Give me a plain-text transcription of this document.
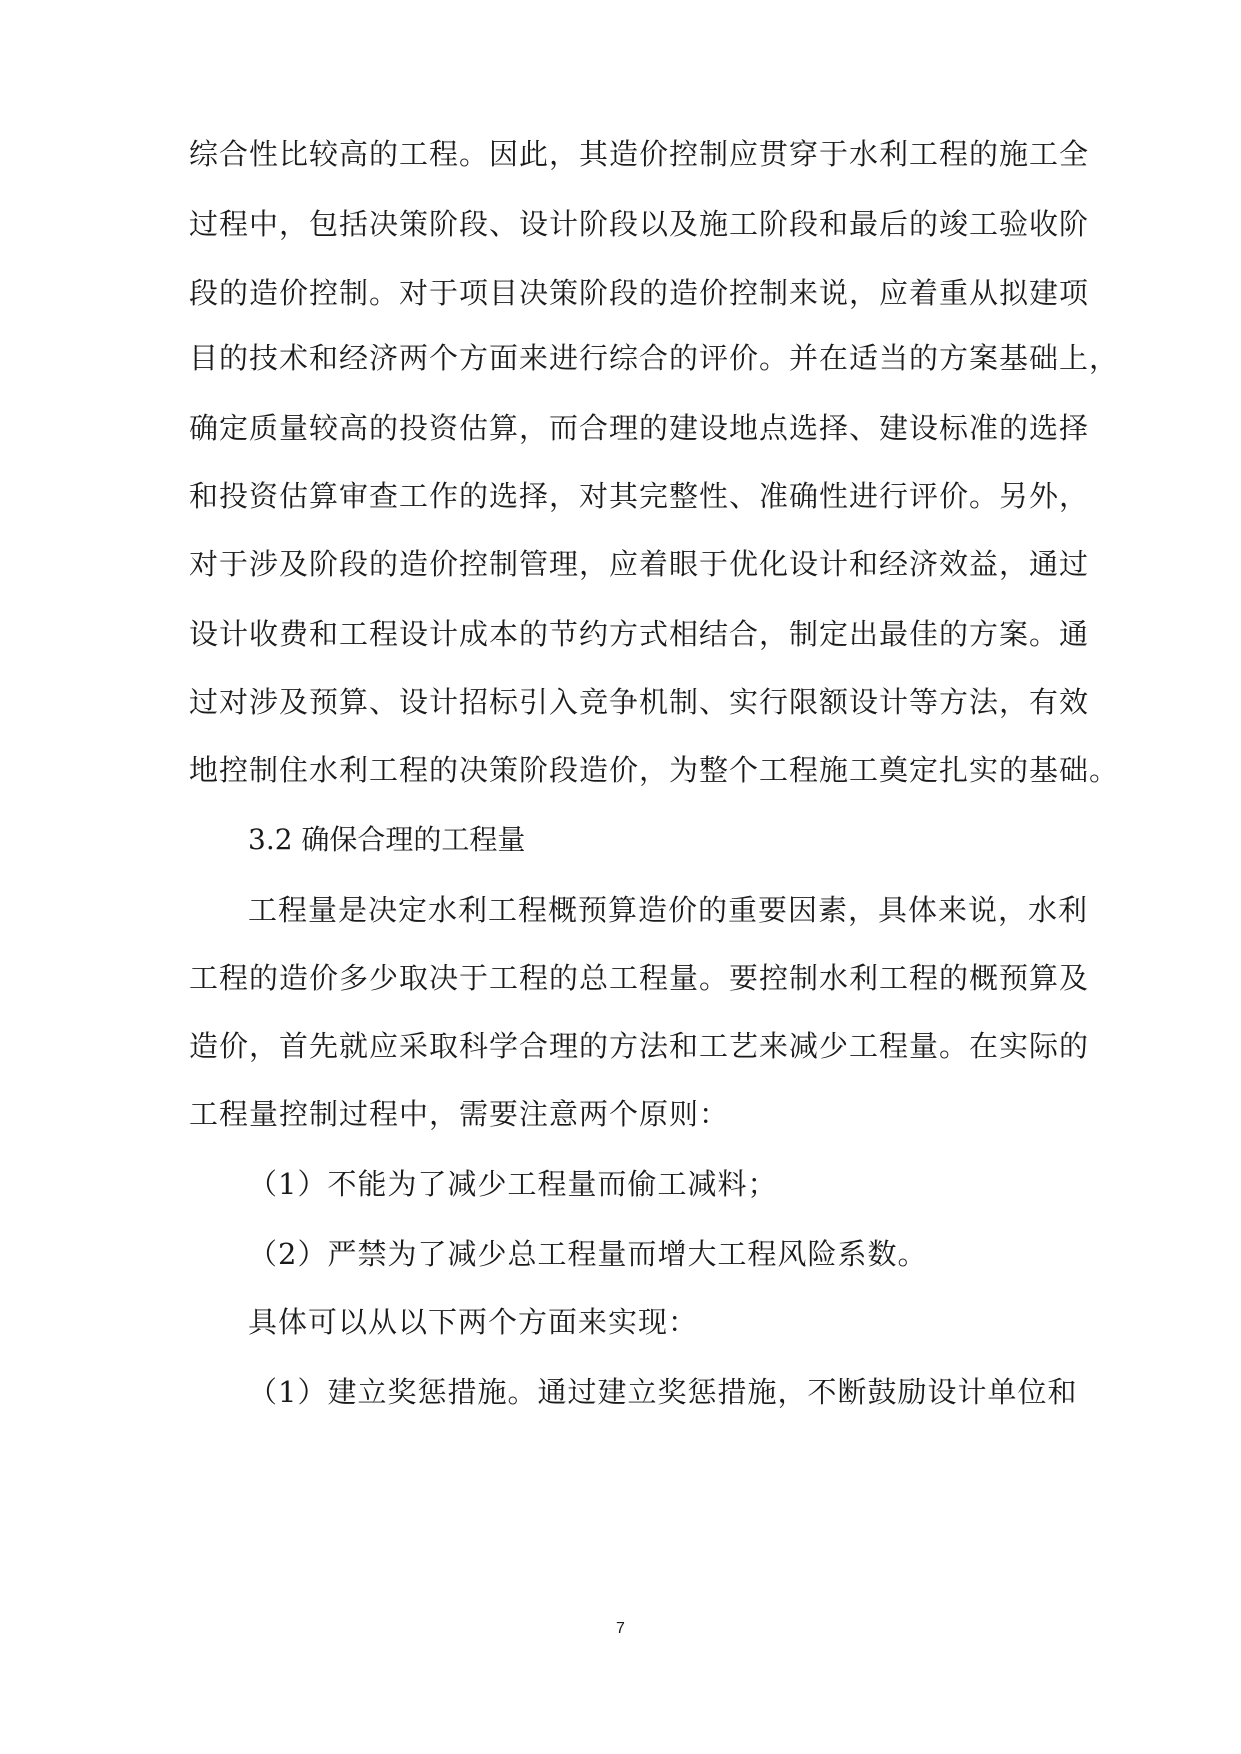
综合性比较高的工程。因此，其造价控制应贯穿于水利工程的施工全
过程中，包括决策阶段、设计阶段以及施工阶段和最后的竣工验收阶
段的造价控制。对于项目决策阶段的造价控制来说，应着重从拟建项
目的技术和经济两个方面来进行综合的评价。并在适当的方案基础上，
确定质量较高的投资估算，而合理的建设地点选择、建设标准的选择
和投资估算审查工作的选择，对其完整性、准确性进行评价。另外，
对于涉及阶段的造价控制管理，应着眼于优化设计和经济效益，通过
设计收费和工程设计成本的节约方式相结合，制定出最佳的方案。通
过对涉及预算、设计招标引入竞争机制、实行限额设计等方法，有效
地控制住水利工程的决策阶段造价，为整个工程施工奠定扎实的基础。
3.2 确保合理的工程量
工程量是决定水利工程概预算造价的重要因素，具体来说，水利
工程的造价多少取决于工程的总工程量。要控制水利工程的概预算及
造价，首先就应采取科学合理的方法和工艺来减少工程量。在实际的
工程量控制过程中，需要注意两个原则：
（1）不能为了减少工程量而偷工减料；
（2）严禁为了减少总工程量而增大工程风险系数。
具体可以从以下两个方面来实现：
（1）建立奖惩措施。通过建立奖惩措施，不断鼓励设计单位和
7
